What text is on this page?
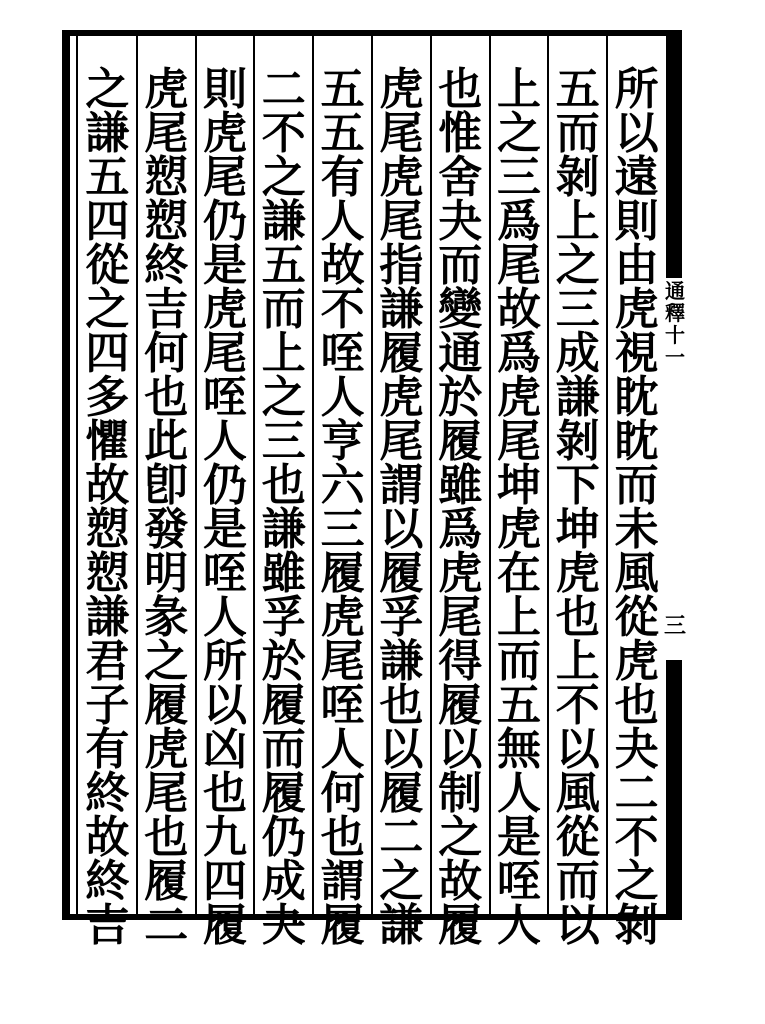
通
釋
十
一
三
所
以
遠
則
由
虎
視
眈
眈
而
未
風
從
虎
也
夬
二
不
之
剝
五
而
剝
上
之
三
成
謙
剝
下
坤
虎
也
上
不
以
風
從
而
以
上
之
三
爲
尾
故
爲
虎
尾
坤
虎
在
上
而
五
無
人
是
咥
人
也
惟
舍
夬
而
變
通
於
履
雖
爲
虎
尾
得
履
以
制
之
故
履
虎
尾
虎
尾
指
謙
履
虎
尾
謂
以
履
孚
謙
也
以
履
二
之
謙
五
五
有
人
故
不
咥
人
亨
六
三
履
虎
尾
咥
人
何
也
謂
履
二
不
之
謙
五
而
上
之
三
也
謙
雖
孚
於
履
而
履
仍
成
夬
則
虎
尾
仍
是
虎
尾
咥
人
仍
是
咥
人
所
以
凶
也
九
四
履
虎
尾
愬
愬
終
吉
何
也
此
卽
發
明
彖
之
履
虎
尾
也
履
二
之
謙
五
四
從
之
四
多
懼
故
愬
愬
謙
君
子
有
終
故
終
吉
